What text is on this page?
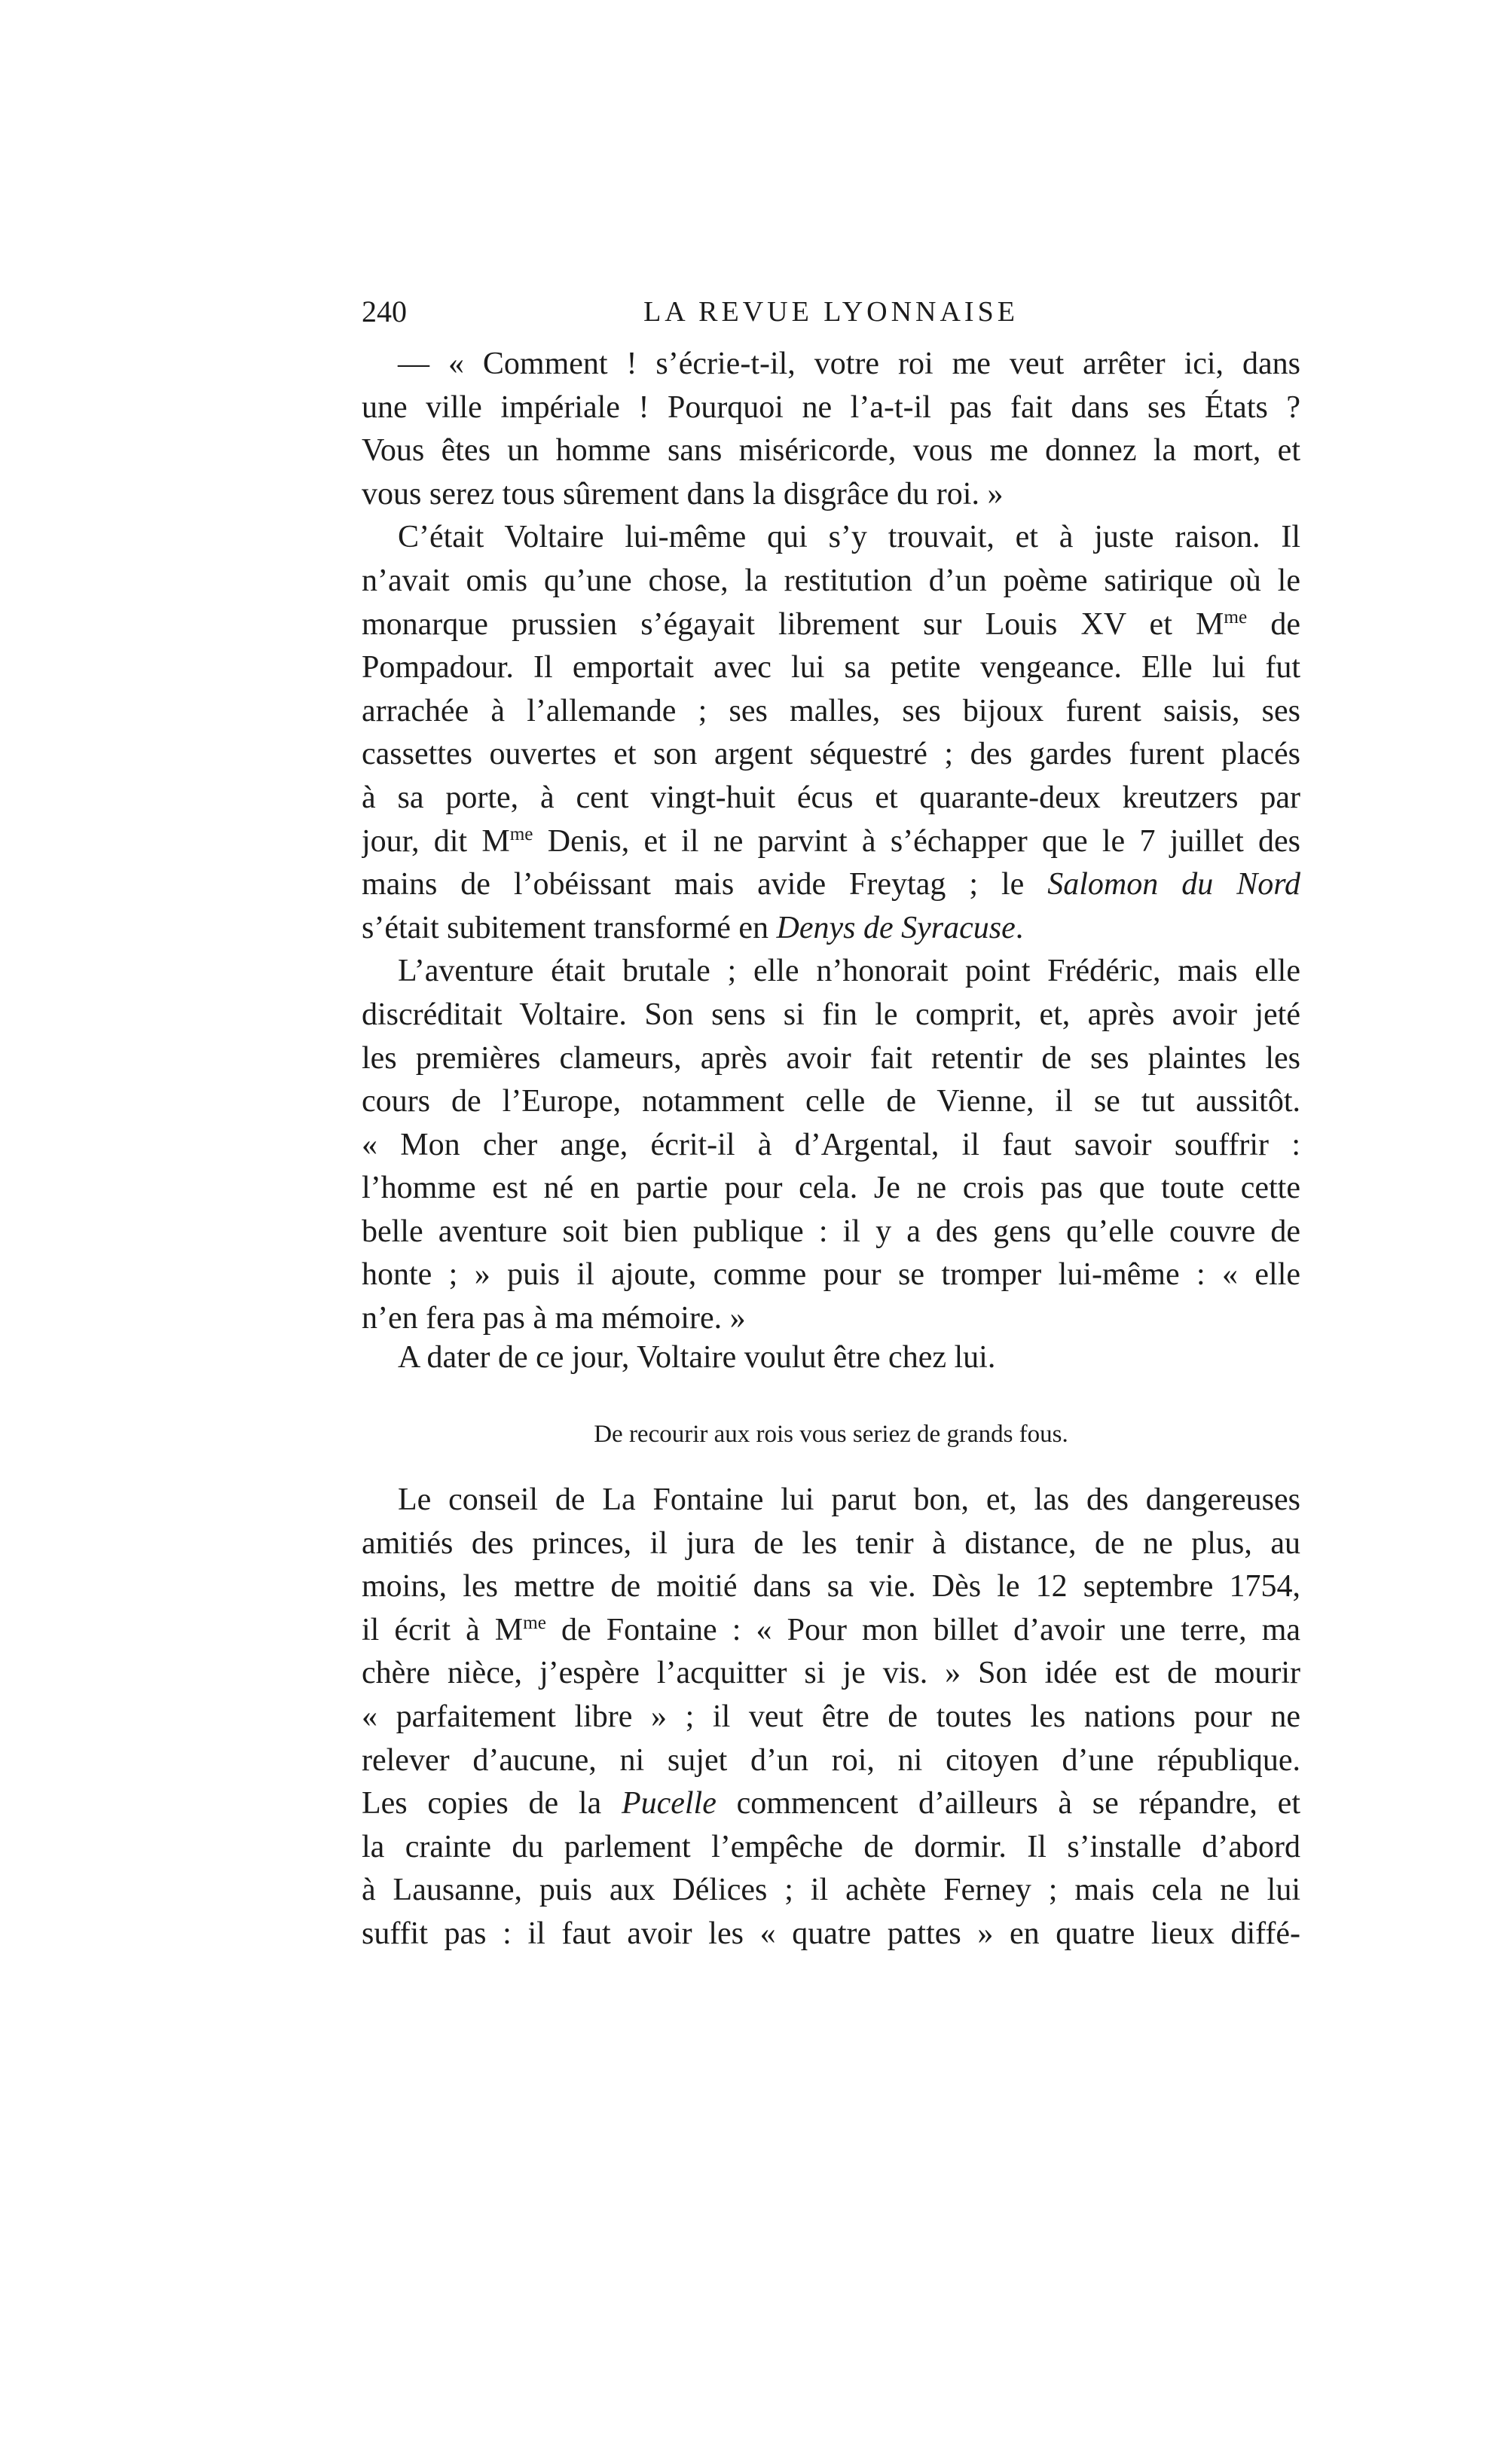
240	LA REVUE LYONNAISE
— « Comment ! s’écrie-t-il, votre roi me veut arrêter ici, dans
une ville impériale ! Pourquoi ne l’a-t-il pas fait dans ses États ?
Vous êtes un homme sans miséricorde, vous me donnez la mort, et
vous serez tous sûrement dans la disgrâce du roi. »
C’était Voltaire lui-même qui s’y trouvait, et à juste raison. Il
n’avait omis qu’une chose, la restitution d’un poème satirique où le
monarque prussien s’égayait librement sur Louis XV et $M^{me}$ de
Pompadour. Il emportait avec lui sa petite vengeance. Elle lui fut
arrachée à l’allemande ; ses malles, ses bijoux furent saisis, ses
cassettes ouvertes et son argent séquestré ; des gardes furent placés
à sa porte, à cent vingt-huit écus et quarante-deux kreutzers par
jour, dit $M^{me}$ Denis, et il ne parvint à s’échapper que le 7 juillet des
mains de l’obéissant mais avide Freytag ; le Salomon du Nord
s’était subitement transformé en Denys de Syracuse.
L’aventure était brutale ; elle n’honorait point Frédéric, mais elle
discréditait Voltaire. Son sens si fin le comprit, et, après avoir jeté
les premières clameurs, après avoir fait retentir de ses plaintes les
cours de l’Europe, notamment celle de Vienne, il se tut aussitôt.
« Mon cher ange, écrit-il à d’Argental, il faut savoir souffrir :
l’homme est né en partie pour cela. Je ne crois pas que toute cette
belle aventure soit bien publique : il y a des gens qu’elle couvre de
honte ; » puis il ajoute, comme pour se tromper lui-même : « elle
n’en fera pas à ma mémoire. »
A dater de ce jour, Voltaire voulut être chez lui.
De recourir aux rois vous seriez de grands fous.
Le conseil de La Fontaine lui parut bon, et, las des dangereuses
amitiés des princes, il jura de les tenir à distance, de ne plus, au
moins, les mettre de moitié dans sa vie. Dès le 12 septembre 1754,
il écrit à $M^{me}$ de Fontaine : « Pour mon billet d’avoir une terre, ma
chère nièce, j’espère l’acquitter si je vis. » Son idée est de mourir
« parfaitement libre » ; il veut être de toutes les nations pour ne
relever d’aucune, ni sujet d’un roi, ni citoyen d’une république.
Les copies de la Pucelle commencent d’ailleurs à se répandre, et
la crainte du parlement l’empêche de dormir. Il s’installe d’abord
à Lausanne, puis aux Délices ; il achète Ferney ; mais cela ne lui
suffit pas : il faut avoir les « quatre pattes » en quatre lieux diffé-
